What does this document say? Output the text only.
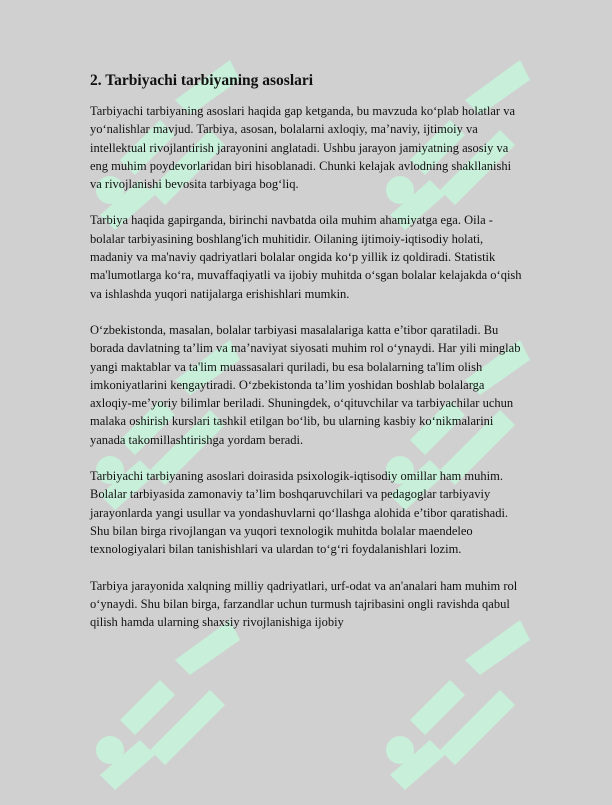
2. Tarbiyachi tarbiyaning asoslari

Tarbiyachi tarbiyaning asoslari haqida gap ketganda, bu mavzuda ko‘plab holatlar va yo‘nalishlar mavjud. Tarbiya, asosan, bolalarni axloqiy, ma’naviy, ijtimoiy va intellektual rivojlantirish jarayonini anglatadi. Ushbu jarayon jamiyatning asosiy va eng muhim poydevorlaridan biri hisoblanadi. Chunki kelajak avlodning shakllanishi va rivojlanishi bevosita tarbiyaga bog‘liq.

Tarbiya haqida gapirganda, birinchi navbatda oila muhim ahamiyatga ega. Oila - bolalar tarbiyasining boshlang'ich muhitidir. Oilaning ijtimoiy-iqtisodiy holati, madaniy va ma'naviy qadriyatlari bolalar ongida ko‘p yillik iz qoldiradi. Statistik ma'lumotlarga ko‘ra, muvaffaqiyatli va ijobiy muhitda o‘sgan bolalar kelajakda o‘qish va ishlashda yuqori natijalarga erishishlari mumkin.

O‘zbekistonda, masalan, bolalar tarbiyasi masalalariga katta e’tibor qaratiladi. Bu borada davlatning ta’lim va ma’naviyat siyosati muhim rol o‘ynaydi. Har yili minglab yangi maktablar va ta'lim muassasalari quriladi, bu esa bolalarning ta'lim olish imkoniyatlarini kengaytiradi. O‘zbekistonda ta’lim yoshidan boshlab bolalarga axloqiy-me’yoriy bilimlar beriladi. Shuningdek, o‘qituvchilar va tarbiyachilar uchun malaka oshirish kurslari tashkil etilgan bo‘lib, bu ularning kasbiy ko‘nikmalarini yanada takomillashtirishga yordam beradi.

Tarbiyachi tarbiyaning asoslari doirasida psixologik-iqtisodiy omillar ham muhim. Bolalar tarbiyasida zamonaviy ta’lim boshqaruvchilari va pedagoglar tarbiyaviy jarayonlarda yangi usullar va yondashuvlarni qo‘llashga alohida e’tibor qaratishadi. Shu bilan birga rivojlangan va yuqori texnologik muhitda bolalar maendeleo texnologiyalari bilan tanishishlari va ulardan to‘g‘ri foydalanishlari lozim.

Tarbiya jarayonida xalqning milliy qadriyatlari, urf-odat va an'analari ham muhim rol o‘ynaydi. Shu bilan birga, farzandlar uchun turmush tajribasini ongli ravishda qabul qilish hamda ularning shaxsiy rivojlanishiga ijobiy
